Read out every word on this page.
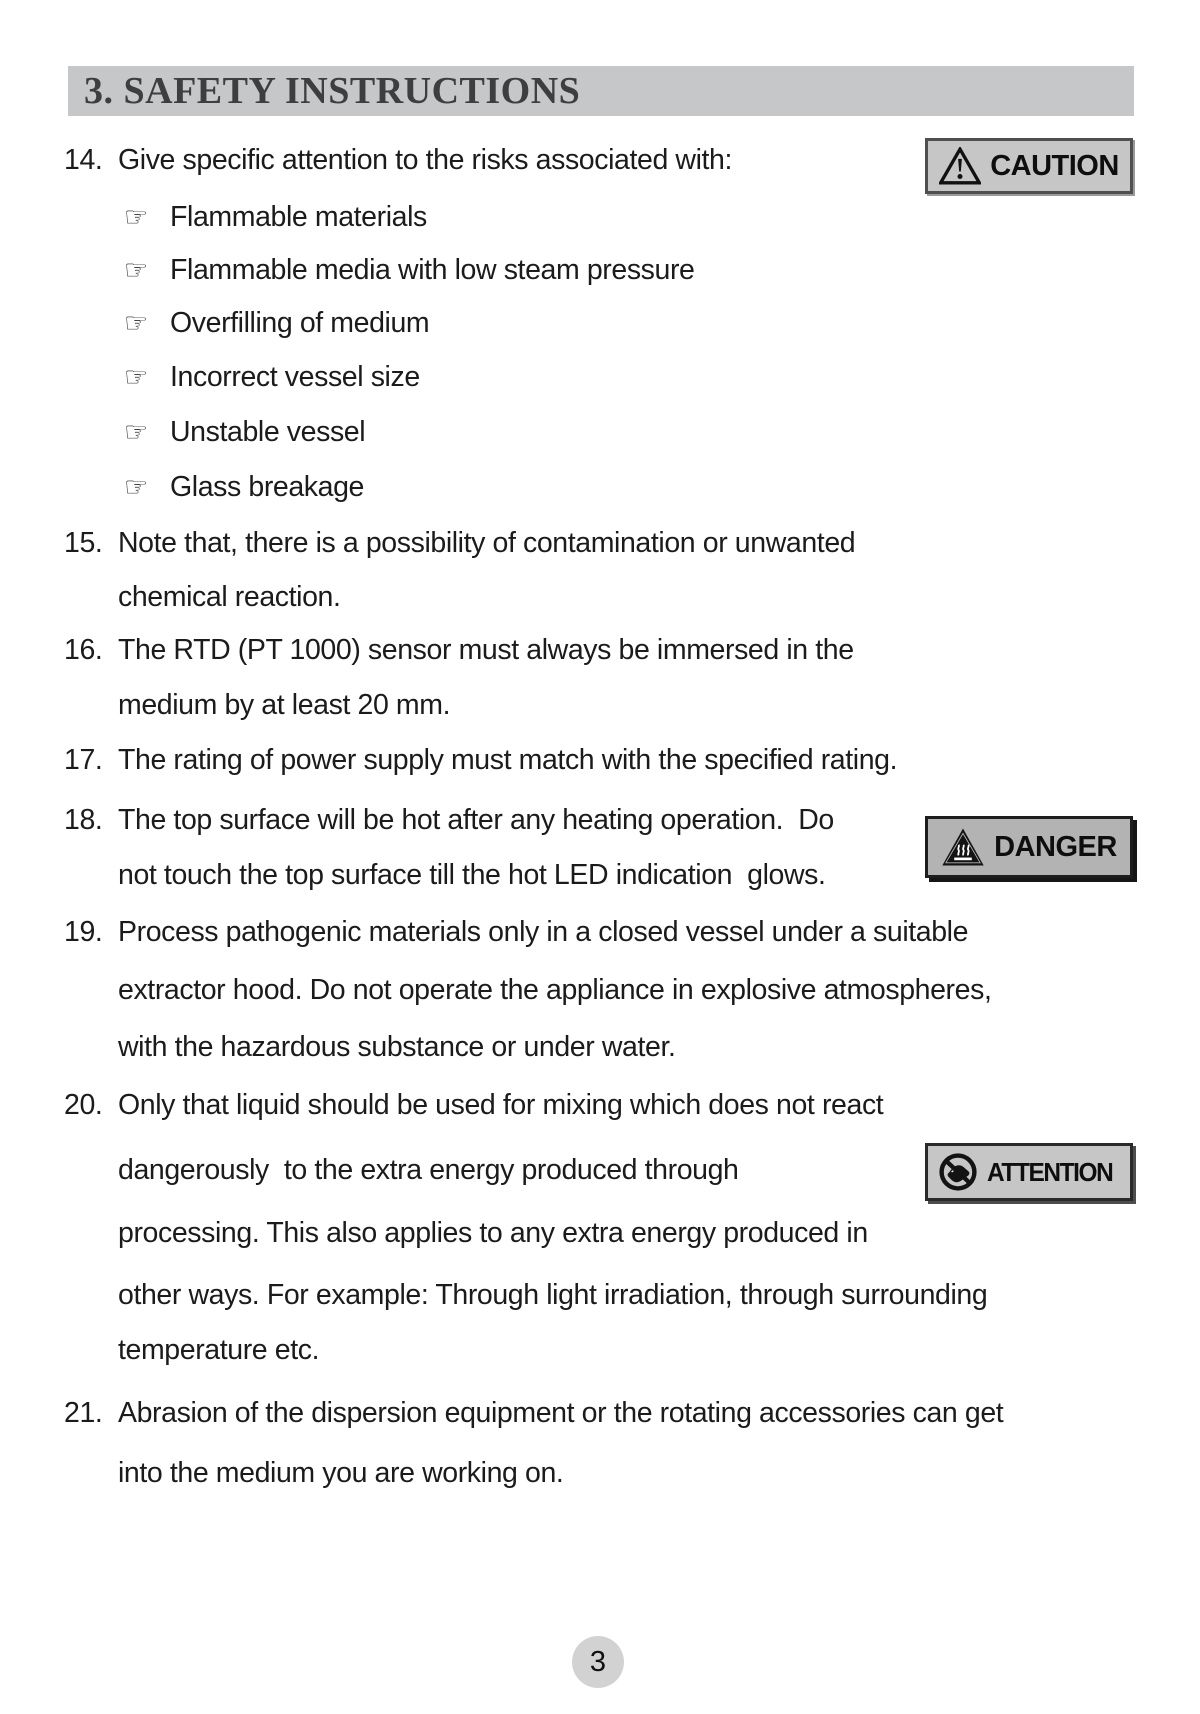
3. SAFETY INSTRUCTIONS
14. Give specific attention to the risks associated with:	CAUTION
☞ Flammable materials
☞ Flammable media with low steam pressure
☞ Overfilling of medium
☞ Incorrect vessel size
☞ Unstable vessel
☞ Glass breakage
15. Note that, there is a possibility of contamination or unwanted
chemical reaction.
16. The RTD (PT 1000) sensor must always be immersed in the
medium by at least 20 mm.
17. The rating of power supply must match with the specified rating.
18. The top surface will be hot after any heating operation.  Do
not touch the top surface till the hot LED indication  glows.
DANGER
19. Process pathogenic materials only in a closed vessel under a suitable
extractor hood. Do not operate the appliance in explosive atmospheres,
with the hazardous substance or under water.
20. Only that liquid should be used for mixing which does not react
dangerously  to the extra energy produced through	ATTENTION
processing. This also applies to any extra energy produced in
other ways. For example: Through light irradiation, through surrounding
temperature etc.
21. Abrasion of the dispersion equipment or the rotating accessories can get
into the medium you are working on.
3
